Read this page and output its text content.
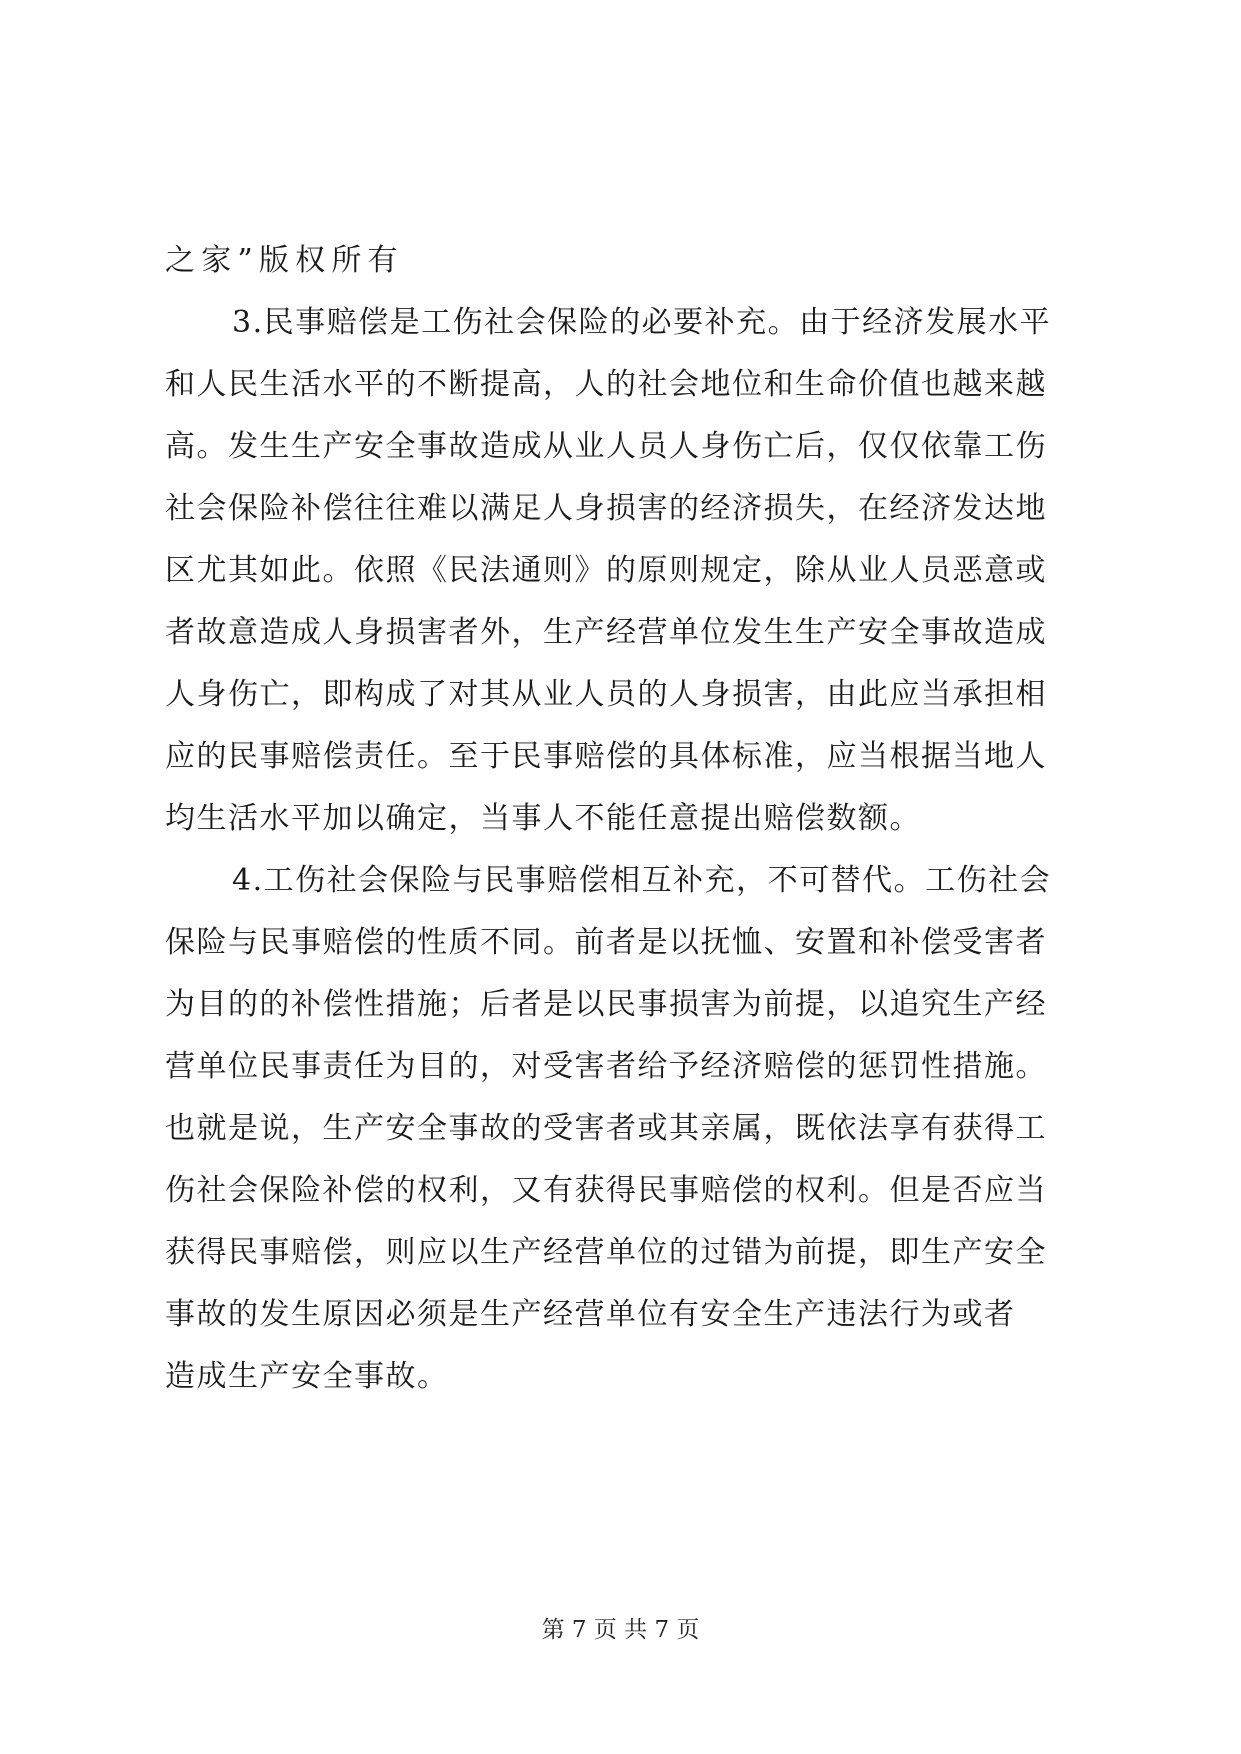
之家”版权所有
3.民事赔偿是工伤社会保险的必要补充。由于经济发展水平
和人民生活水平的不断提高，人的社会地位和生命价值也越来越
高。发生生产安全事故造成从业人员人身伤亡后，仅仅依靠工伤
社会保险补偿往往难以满足人身损害的经济损失，在经济发达地
区尤其如此。依照《民法通则》的原则规定，除从业人员恶意或
者故意造成人身损害者外，生产经营单位发生生产安全事故造成
人身伤亡，即构成了对其从业人员的人身损害，由此应当承担相
应的民事赔偿责任。至于民事赔偿的具体标准，应当根据当地人
均生活水平加以确定，当事人不能任意提出赔偿数额。
4.工伤社会保险与民事赔偿相互补充，不可替代。工伤社会
保险与民事赔偿的性质不同。前者是以抚恤、安置和补偿受害者
为目的的补偿性措施；后者是以民事损害为前提，以追究生产经
营单位民事责任为目的，对受害者给予经济赔偿的惩罚性措施。
也就是说，生产安全事故的受害者或其亲属，既依法享有获得工
伤社会保险补偿的权利，又有获得民事赔偿的权利。但是否应当
获得民事赔偿，则应以生产经营单位的过错为前提，即生产安全
事故的发生原因必须是生产经营单位有安全生产违法行为或者
造成生产安全事故。
第 7 页 共 7 页
